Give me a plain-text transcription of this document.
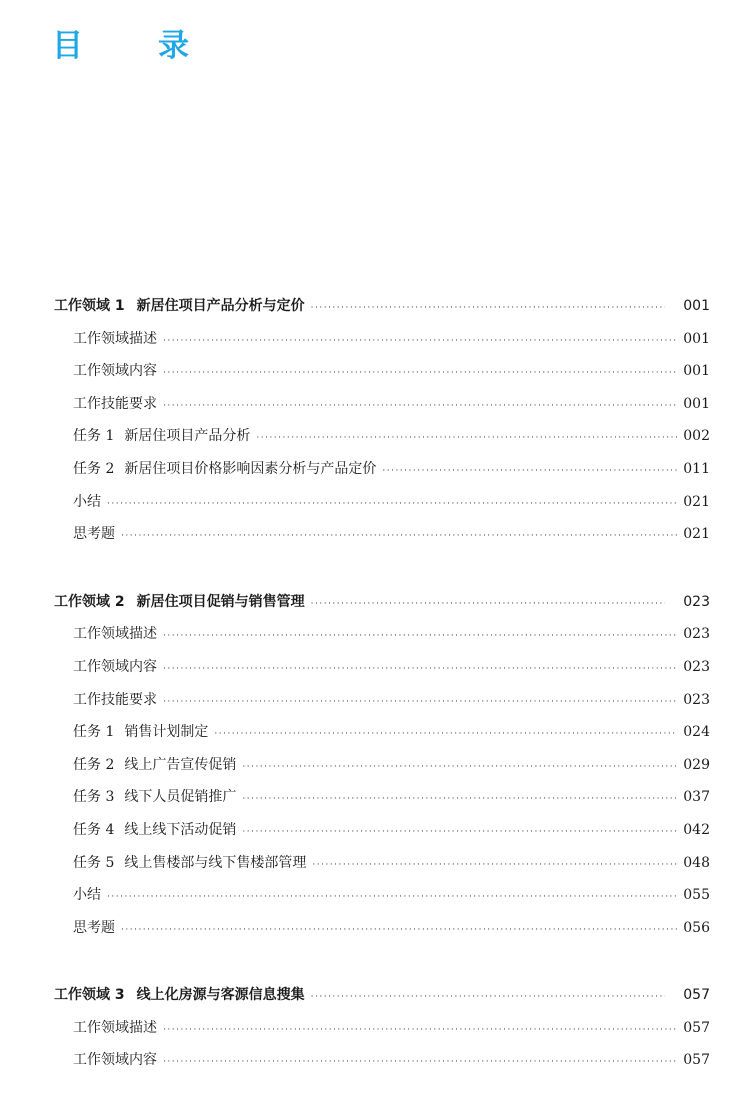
目　录
工作领域 1 新居住项目产品分析与定价 ·····	001
工作领域描述 ·····	001
工作领域内容 ·····	001
工作技能要求 ·····	001
任务 1 新居住项目产品分析 ·····	002
任务 2 新居住项目价格影响因素分析与产品定价 ·····	011
小结 ·····	021
思考题 ·····	021
工作领域 2 新居住项目促销与销售管理 ·····	023
工作领域描述 ·····	023
工作领域内容 ·····	023
工作技能要求 ·····	023
任务 1 销售计划制定 ·····	024
任务 2 线上广告宣传促销 ·····	029
任务 3 线下人员促销推广 ·····	037
任务 4 线上线下活动促销 ·····	042
任务 5 线上售楼部与线下售楼部管理 ·····	048
小结 ·····	055
思考题 ·····	056
工作领域 3 线上化房源与客源信息搜集 ·····	057
工作领域描述 ·····	057
工作领域内容 ·····	057
